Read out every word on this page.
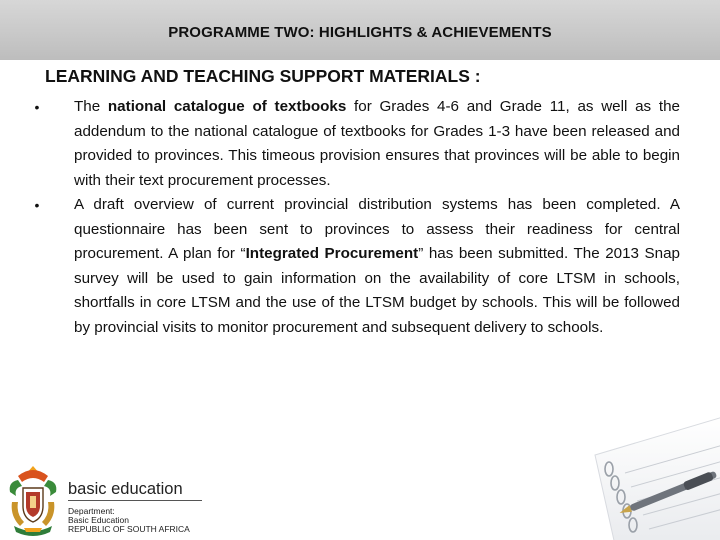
PROGRAMME TWO: HIGHLIGHTS & ACHIEVEMENTS
LEARNING AND TEACHING SUPPORT MATERIALS :
• The national catalogue of textbooks for Grades 4-6 and Grade 11, as well as the addendum to the national catalogue of textbooks for Grades 1-3 have been released and provided to provinces. This timeous provision ensures that provinces will be able to begin with their text procurement processes.
• A draft overview of current provincial distribution systems has been completed. A questionnaire has been sent to provinces to assess their readiness for central procurement. A plan for “Integrated Procurement” has been submitted. The 2013 Snap survey will be used to gain information on the availability of core LTSM in schools, shortfalls in core LTSM and the use of the LTSM budget by schools. This will be followed by provincial visits to monitor procurement and subsequent delivery to schools.
basic education
Department:
Basic Education
REPUBLIC OF SOUTH AFRICA
